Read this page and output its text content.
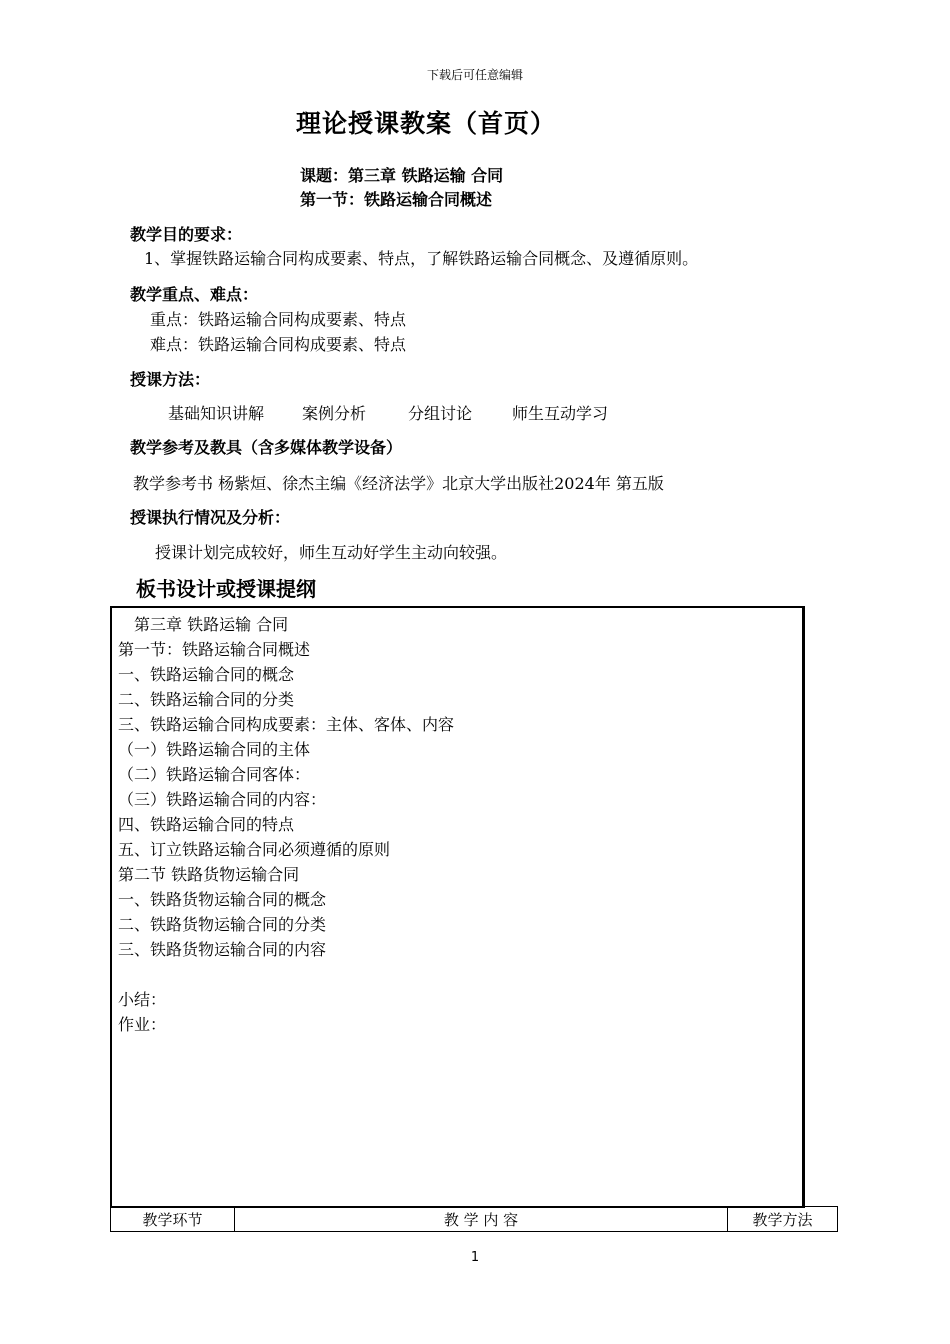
下载后可任意编辑
理论授课教案（首页）
课题：第三章 铁路运输 合同
第一节：铁路运输合同概述
教学目的要求：
1、掌握铁路运输合同构成要素、特点，了解铁路运输合同概念、及遵循原则。
教学重点、难点：
重点：铁路运输合同构成要素、特点
难点：铁路运输合同构成要素、特点
授课方法：
基础知识讲解 案例分析	分组讨论 师生互动学习
教学参考及教具（含多媒体教学设备）
教学参考书 杨紫烜、徐杰主编《经济法学》北京大学出版社2024年 第五版
授课执行情况及分析：
授课计划完成较好，师生互动好学生主动向较强。
板书设计或授课提纲
　第三章 铁路运输 合同
第一节：铁路运输合同概述
一、铁路运输合同的概念
二、铁路运输合同的分类
三、铁路运输合同构成要素：主体、客体、内容
（一）铁路运输合同的主体
（二）铁路运输合同客体：
（三）铁路运输合同的内容：
四、铁路运输合同的特点
五、订立铁路运输合同必须遵循的原则
第二节 铁路货物运输合同
一、铁路货物运输合同的概念
二、铁路货物运输合同的分类
三、铁路货物运输合同的内容
小结：
作业：
教学环节	教 学 内 容	教学方法
1
